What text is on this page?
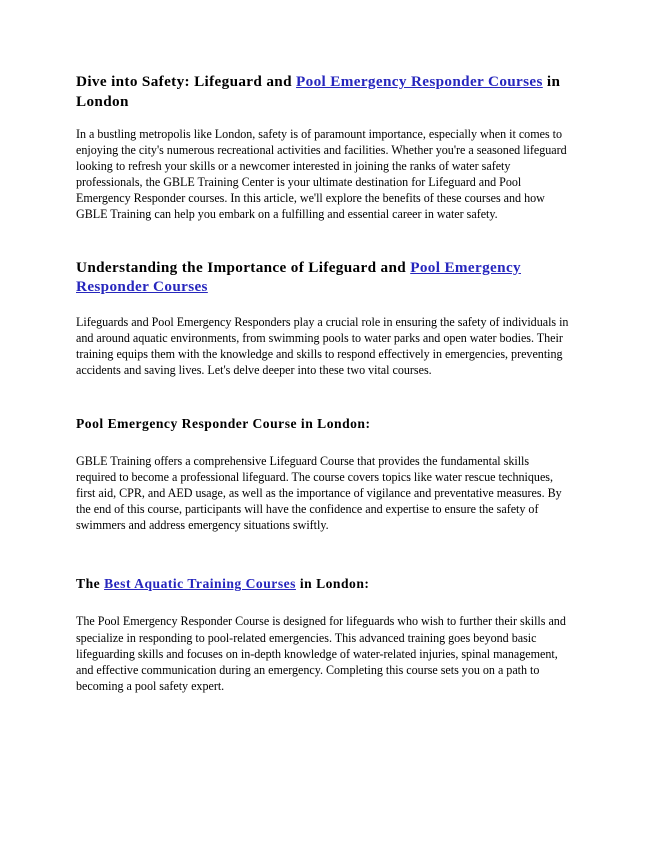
Dive into Safety: Lifeguard and Pool Emergency Responder Courses in London

In a bustling metropolis like London, safety is of paramount importance, especially when it comes to enjoying the city's numerous recreational activities and facilities. Whether you're a seasoned lifeguard looking to refresh your skills or a newcomer interested in joining the ranks of water safety professionals, the GBLE Training Center is your ultimate destination for Lifeguard and Pool Emergency Responder courses. In this article, we'll explore the benefits of these courses and how GBLE Training can help you embark on a fulfilling and essential career in water safety.

Understanding the Importance of Lifeguard and Pool Emergency Responder Courses

Lifeguards and Pool Emergency Responders play a crucial role in ensuring the safety of individuals in and around aquatic environments, from swimming pools to water parks and open water bodies. Their training equips them with the knowledge and skills to respond effectively in emergencies, preventing accidents and saving lives. Let's delve deeper into these two vital courses.

Pool Emergency Responder Course in London:

GBLE Training offers a comprehensive Lifeguard Course that provides the fundamental skills required to become a professional lifeguard. The course covers topics like water rescue techniques, first aid, CPR, and AED usage, as well as the importance of vigilance and preventative measures. By the end of this course, participants will have the confidence and expertise to ensure the safety of swimmers and address emergency situations swiftly.

The Best Aquatic Training Courses in London:

The Pool Emergency Responder Course is designed for lifeguards who wish to further their skills and specialize in responding to pool-related emergencies. This advanced training goes beyond basic lifeguarding skills and focuses on in-depth knowledge of water-related injuries, spinal management, and effective communication during an emergency. Completing this course sets you on a path to becoming a pool safety expert.
